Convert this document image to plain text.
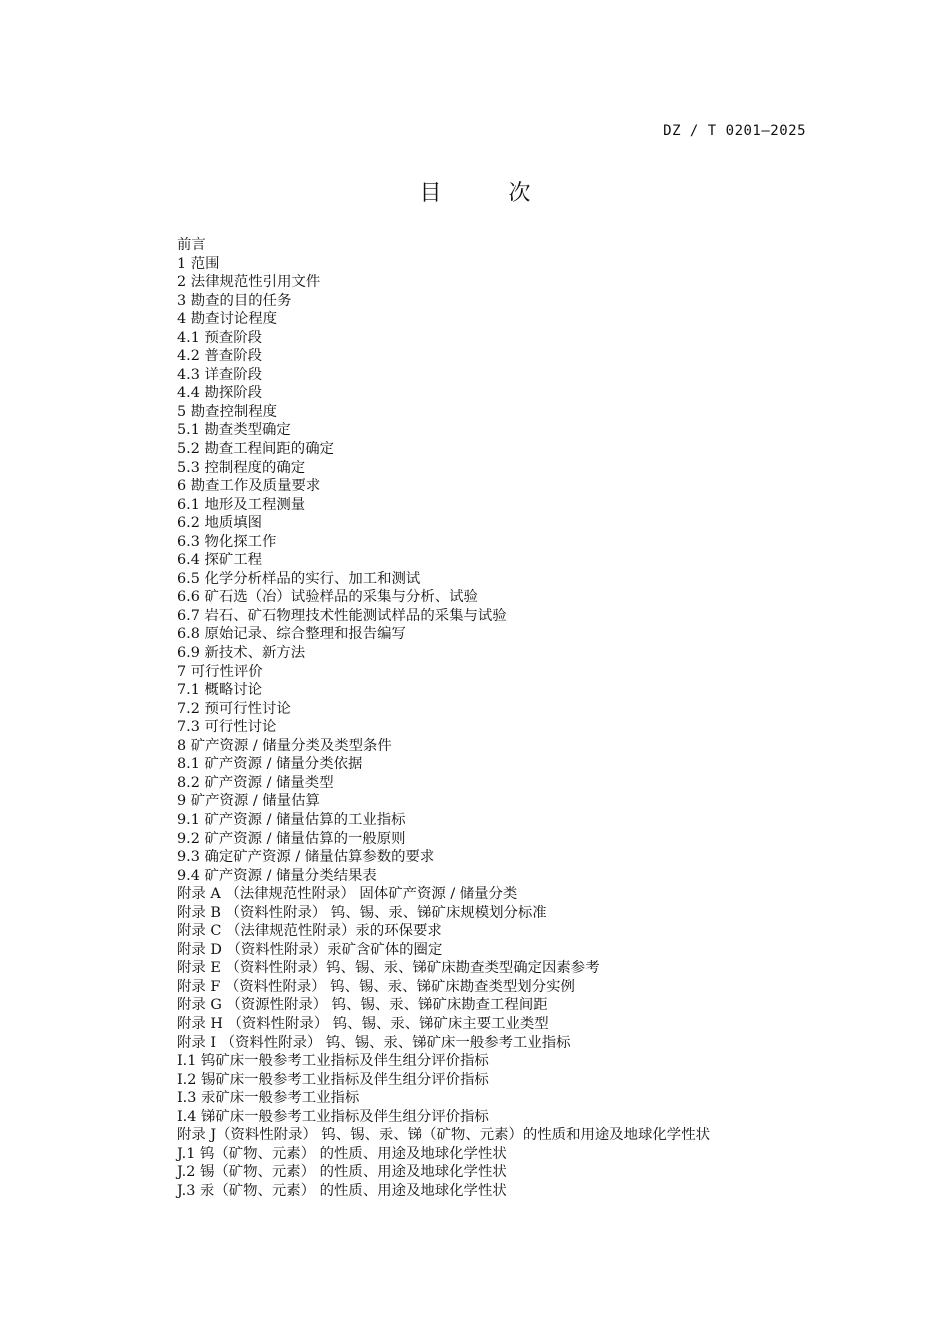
DZ / T 0201—2025
目 次
前言
1 范围
2 法律规范性引用文件
3 勘查的目的任务
4 勘查讨论程度
4.1 预查阶段
4.2 普查阶段
4.3 详查阶段
4.4 勘探阶段
5 勘查控制程度
5.1 勘查类型确定
5.2 勘查工程间距的确定
5.3 控制程度的确定
6 勘查工作及质量要求
6.1 地形及工程测量
6.2 地质填图
6.3 物化探工作
6.4 探矿工程
6.5 化学分析样品的实行、加工和测试
6.6 矿石选（冶）试验样品的采集与分析、试验
6.7 岩石、矿石物理技术性能测试样品的采集与试验
6.8 原始记录、综合整理和报告编写
6.9 新技术、新方法
7 可行性评价
7.1 概略讨论
7.2 预可行性讨论
7.3 可行性讨论
8 矿产资源 / 储量分类及类型条件
8.1 矿产资源 / 储量分类依据
8.2 矿产资源 / 储量类型
9 矿产资源 / 储量估算
9.1 矿产资源 / 储量估算的工业指标
9.2 矿产资源 / 储量估算的一般原则
9.3 确定矿产资源 / 储量估算参数的要求
9.4 矿产资源 / 储量分类结果表
附录 A （法律规范性附录） 固体矿产资源 / 储量分类
附录 B （资料性附录） 钨、锡、汞、锑矿床规模划分标准
附录 C （法律规范性附录）汞的环保要求
附录 D （资料性附录）汞矿含矿体的圈定
附录 E （资料性附录）钨、锡、汞、锑矿床勘查类型确定因素参考
附录 F （资料性附录） 钨、锡、汞、锑矿床勘查类型划分实例
附录 G （资源性附录） 钨、锡、汞、锑矿床勘查工程间距
附录 H （资料性附录） 钨、锡、汞、锑矿床主要工业类型
附录 I （资料性附录） 钨、锡、汞、锑矿床一般参考工业指标
I.1 钨矿床一般参考工业指标及伴生组分评价指标
I.2 锡矿床一般参考工业指标及伴生组分评价指标
I.3 汞矿床一般参考工业指标
I.4 锑矿床一般参考工业指标及伴生组分评价指标
附录 J（资料性附录） 钨、锡、汞、锑（矿物、元素）的性质和用途及地球化学性状
J.1 钨（矿物、元素） 的性质、用途及地球化学性状
J.2 锡（矿物、元素） 的性质、用途及地球化学性状
J.3 汞（矿物、元素） 的性质、用途及地球化学性状
